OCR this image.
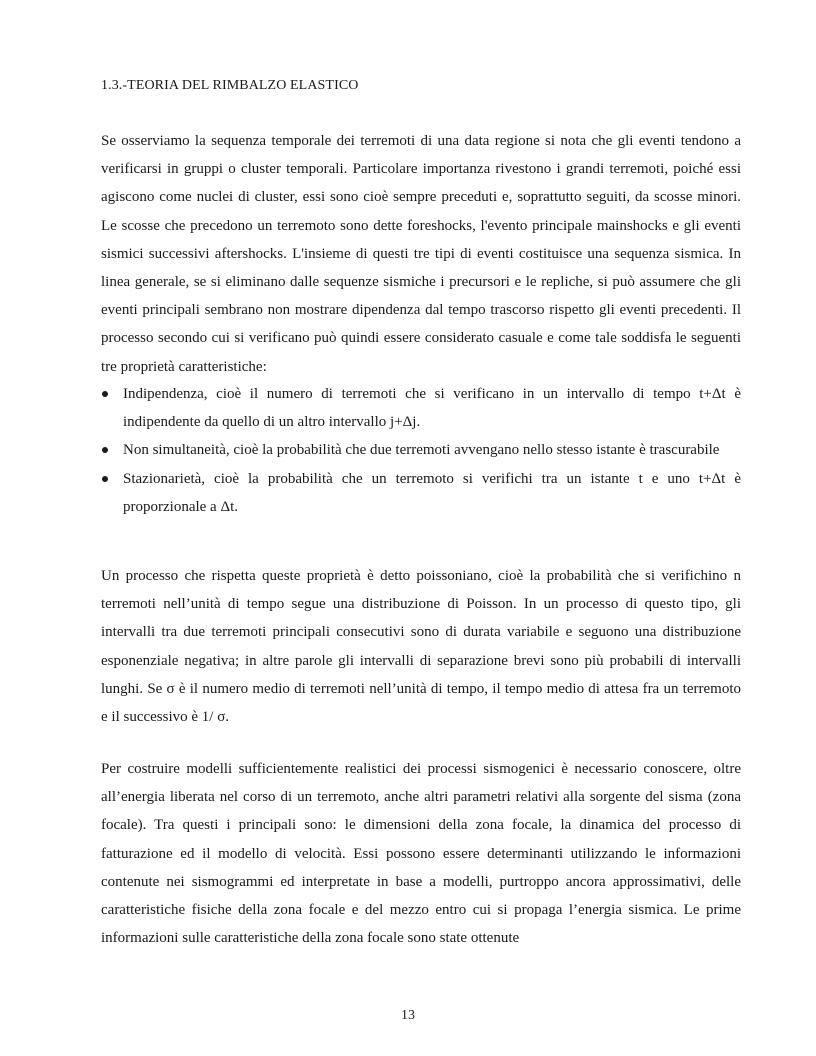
1.3.-TEORIA DEL RIMBALZO ELASTICO

Se osserviamo la sequenza temporale dei terremoti di una data regione si nota che gli eventi tendono a verificarsi in gruppi o cluster temporali. Particolare importanza rivestono i grandi terremoti, poiché essi agiscono come nuclei di cluster, essi sono cioè sempre preceduti e, soprattutto seguiti, da scosse minori. Le scosse che precedono un terremoto sono dette foreshocks, l'evento principale mainshocks e gli eventi sismici successivi aftershocks. L'insieme di questi tre tipi di eventi costituisce una sequenza sismica. In linea generale, se si eliminano dalle sequenze sismiche i precursori e le repliche, si può assumere che gli eventi principali sembrano non mostrare dipendenza dal tempo trascorso rispetto gli eventi precedenti. Il processo secondo cui si verificano può quindi essere considerato casuale e come tale soddisfa le seguenti tre proprietà caratteristiche:

Indipendenza, cioè il numero di terremoti che si verificano in un intervallo di tempo t+Δt è indipendente da quello di un altro intervallo j+Δj.
Non simultaneità, cioè la probabilità che due terremoti avvengano nello stesso istante è trascurabile
Stazionarietà, cioè la probabilità che un terremoto si verifichi tra un istante t e uno t+Δt è proporzionale a Δt.

Un processo che rispetta queste proprietà è detto poissoniano, cioè la probabilità che si verifichino n terremoti nell’unità di tempo segue una distribuzione di Poisson. In un processo di questo tipo, gli intervalli tra due terremoti principali consecutivi sono di durata variabile e seguono una distribuzione esponenziale negativa; in altre parole gli intervalli di separazione brevi sono più probabili di intervalli lunghi. Se σ è il numero medio di terremoti nell’unità di tempo, il tempo medio di attesa fra un terremoto e il successivo è 1/ σ.

Per costruire modelli sufficientemente realistici dei processi sismogenici è necessario conoscere, oltre all’energia liberata nel corso di un terremoto, anche altri parametri relativi alla sorgente del sisma (zona focale). Tra questi i principali sono: le dimensioni della zona focale, la dinamica del processo di fatturazione ed il modello di velocità. Essi possono essere determinanti utilizzando le informazioni contenute nei sismogrammi ed interpretate in base a modelli, purtroppo ancora approssimativi, delle caratteristiche fisiche della zona focale e del mezzo entro cui si propaga l’energia sismica. Le prime informazioni sulle caratteristiche della zona focale sono state ottenute

13
